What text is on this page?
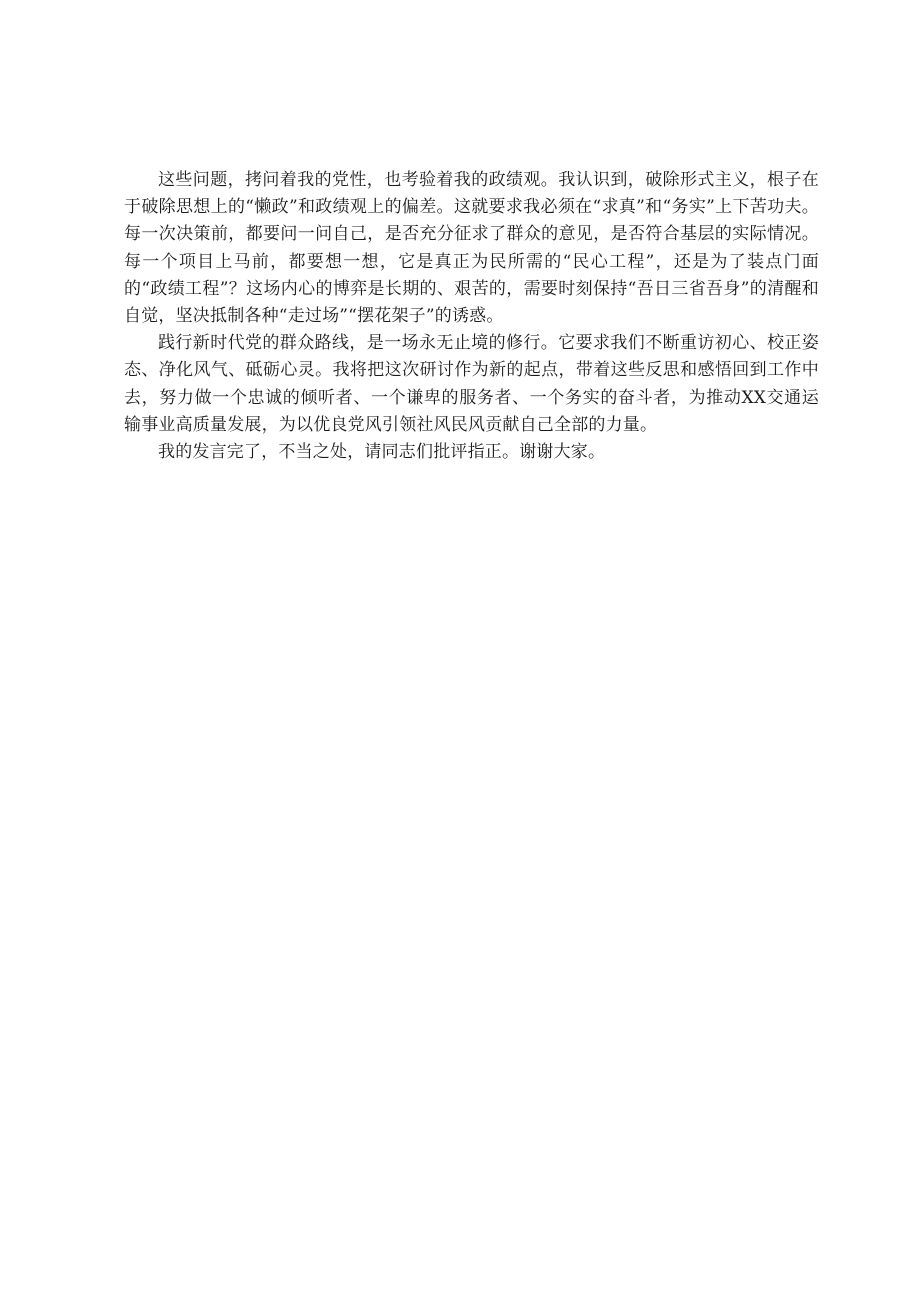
这些问题，拷问着我的党性，也考验着我的政绩观。我认识到，破除形式主义，根子在于破除思想上的“懒政”和政绩观上的偏差。这就要求我必须在“求真”和“务实”上下苦功夫。每一次决策前，都要问一问自己，是否充分征求了群众的意见，是否符合基层的实际情况。每一个项目上马前，都要想一想，它是真正为民所需的“民心工程”，还是为了装点门面的“政绩工程”？这场内心的博弈是长期的、艰苦的，需要时刻保持“吾日三省吾身”的清醒和自觉，坚决抵制各种“走过场”“摆花架子”的诱惑。

践行新时代党的群众路线，是一场永无止境的修行。它要求我们不断重访初心、校正姿态、净化风气、砥砺心灵。我将把这次研讨作为新的起点，带着这些反思和感悟回到工作中去，努力做一个忠诚的倾听者、一个谦卑的服务者、一个务实的奋斗者，为推动XX交通运输事业高质量发展，为以优良党风引领社风民风贡献自己全部的力量。

我的发言完了，不当之处，请同志们批评指正。谢谢大家。
